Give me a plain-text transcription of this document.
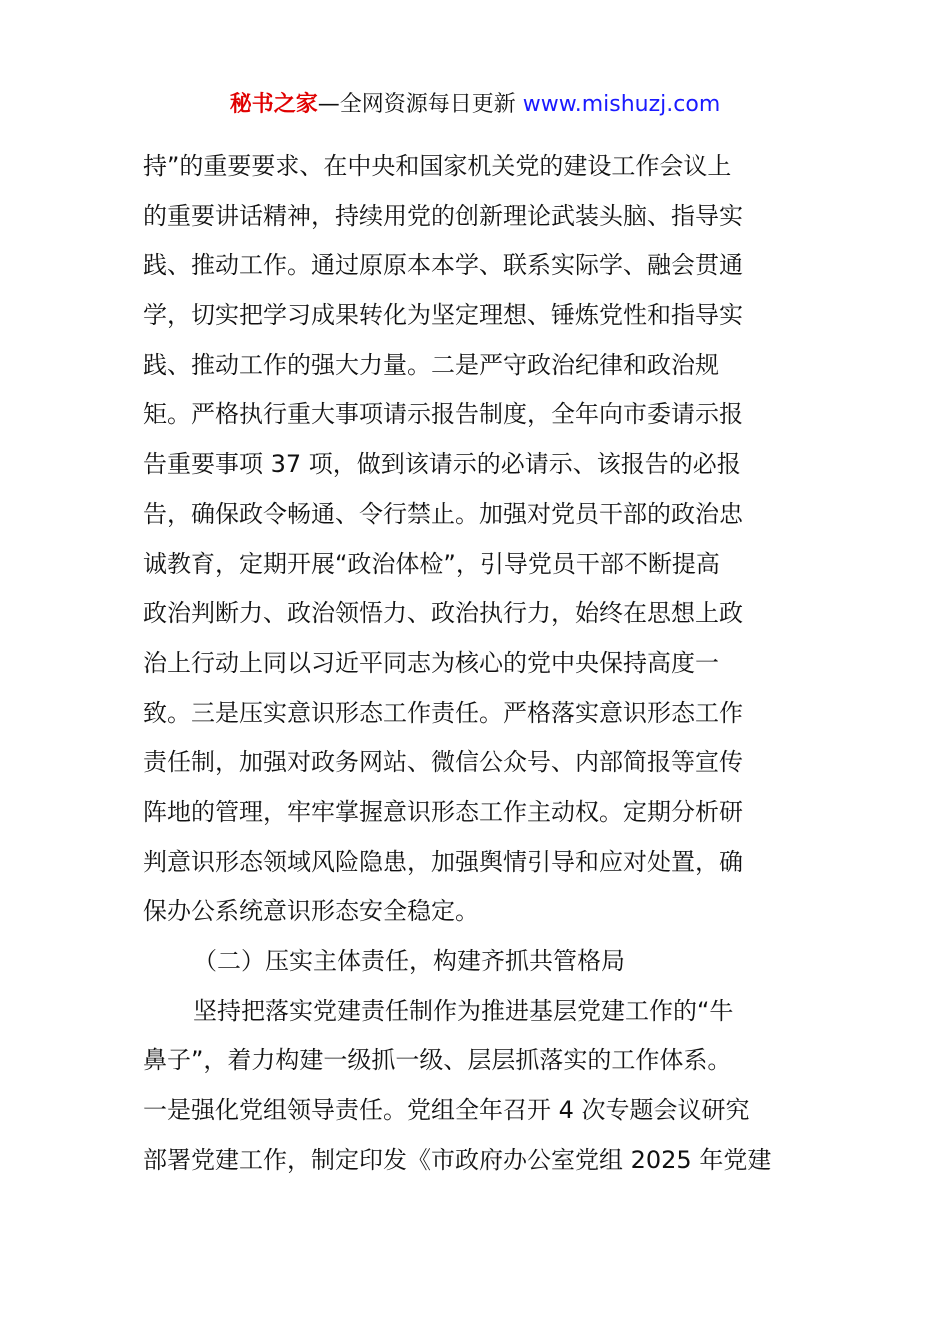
秘书之家—全网资源每日更新 www.mishuzj.com
持”的重要要求、在中央和国家机关党的建设工作会议上
的重要讲话精神，持续用党的创新理论武装头脑、指导实
践、推动工作。通过原原本本学、联系实际学、融会贯通
学，切实把学习成果转化为坚定理想、锤炼党性和指导实
践、推动工作的强大力量。二是严守政治纪律和政治规
矩。严格执行重大事项请示报告制度，全年向市委请示报
告重要事项 37 项，做到该请示的必请示、该报告的必报
告，确保政令畅通、令行禁止。加强对党员干部的政治忠
诚教育，定期开展“政治体检”，引导党员干部不断提高
政治判断力、政治领悟力、政治执行力，始终在思想上政
治上行动上同以习近平同志为核心的党中央保持高度一
致。三是压实意识形态工作责任。严格落实意识形态工作
责任制，加强对政务网站、微信公众号、内部简报等宣传
阵地的管理，牢牢掌握意识形态工作主动权。定期分析研
判意识形态领域风险隐患，加强舆情引导和应对处置，确
保办公系统意识形态安全稳定。
（二）压实主体责任，构建齐抓共管格局
坚持把落实党建责任制作为推进基层党建工作的“牛
鼻子”，着力构建一级抓一级、层层抓落实的工作体系。
一是强化党组领导责任。党组全年召开 4 次专题会议研究
部署党建工作，制定印发《市政府办公室党组 2025 年党建
